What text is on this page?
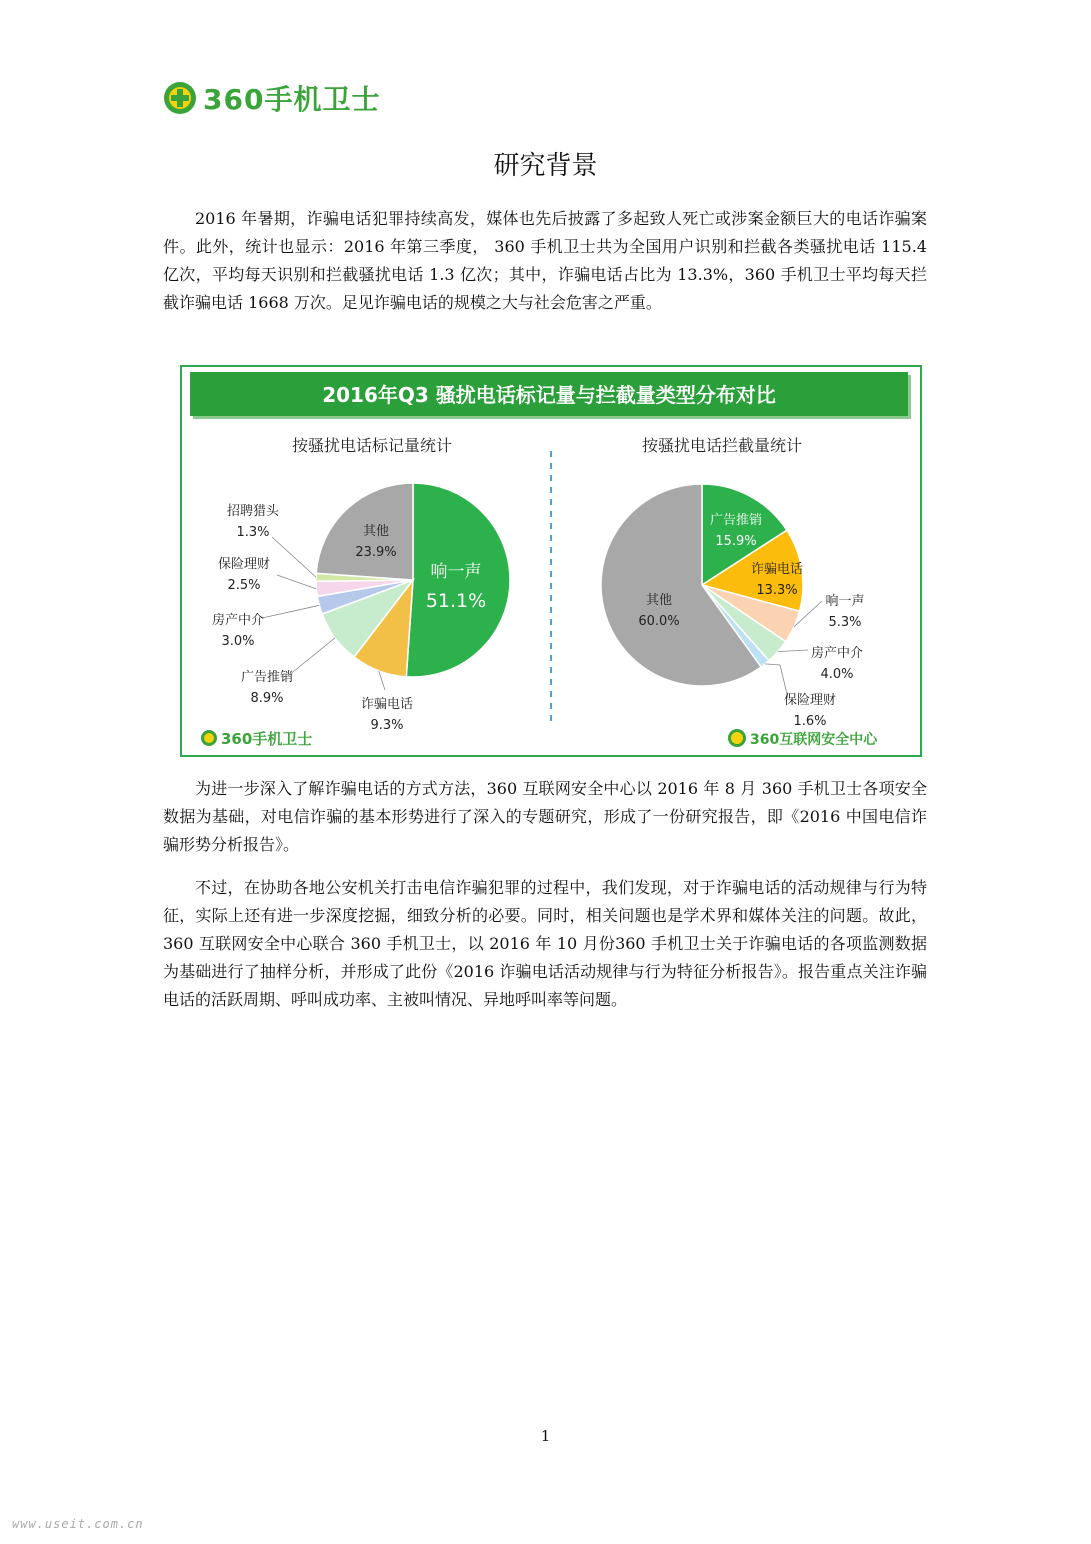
360手机卫士
研究背景
2016 年暑期，诈骗电话犯罪持续高发，媒体也先后披露了多起致人死亡或涉案金额巨大的电话诈骗案件。此外，统计也显示：2016 年第三季度， 360 手机卫士共为全国用户识别和拦截各类骚扰电话 115.4 亿次，平均每天识别和拦截骚扰电话 1.3 亿次；其中，诈骗电话占比为 13.3%，360 手机卫士平均每天拦截诈骗电话 1668 万次。足见诈骗电话的规模之大与社会危害之严重。
2016年Q3 骚扰电话标记量与拦截量类型分布对比
按骚扰电话标记量统计	按骚扰电话拦截量统计
响一声
51.1%
诈骗电话
9.3%
广告推销
8.9%
房产中介
3.0%
保险理财
2.5%
招聘猎头
1.3%	其他
23.9%
广告推销
15.9%
诈骗电话
13.3%
响一声
5.3%
房产中介
4.0%
保险理财
1.6%
其他
60.0%
360手机卫士	360互联网安全中心
为进一步深入了解诈骗电话的方式方法，360 互联网安全中心以 2016 年 8 月 360 手机卫士各项安全数据为基础，对电信诈骗的基本形势进行了深入的专题研究，形成了一份研究报告，即《2016 中国电信诈骗形势分析报告》。
不过，在协助各地公安机关打击电信诈骗犯罪的过程中，我们发现，对于诈骗电话的活动规律与行为特征，实际上还有进一步深度挖掘，细致分析的必要。同时，相关问题也是学术界和媒体关注的问题。故此，360 互联网安全中心联合 360 手机卫士，以 2016 年 10 月份360 手机卫士关于诈骗电话的各项监测数据为基础进行了抽样分析，并形成了此份《2016 诈骗电话活动规律与行为特征分析报告》。报告重点关注诈骗电话的活跃周期、呼叫成功率、主被叫情况、异地呼叫率等问题。
1
www.useit.com.cn
